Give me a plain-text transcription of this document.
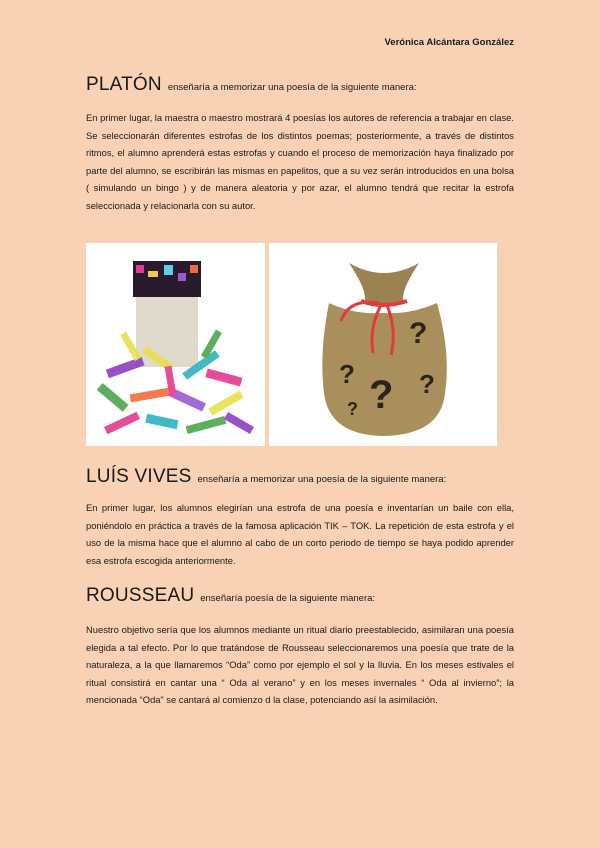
Verónica Alcántara González
PLATÓN enseñaría a memorizar una poesía de la siguiente manera:

En primer lugar, la maestra o maestro mostrará 4 poesías los autores de referencia a trabajar en clase. Se seleccionarán diferentes estrofas de los distintos poemas; posteriormente, a través de distintos ritmos, el alumno aprenderá estas estrofas y cuando el proceso de memorización haya finalizado por parte del alumno, se escribirán las mismas en papelitos, que a su vez serán introducidos en una bolsa ( simulando un bingo ) y de manera aleatoria y por azar, el alumno tendrá que recitar la estrofa seleccionada y relacionarla con su autor.

?
? ? ?
?
LUÍS VIVES enseñaría a memorizar una poesía de la siguiente manera:

En primer lugar, los alumnos elegirían una estrofa de una poesía e inventarían un baile con ella, poniéndolo en práctica a través de la famosa aplicación TIK – TOK. La repetición de esta estrofa y el uso de la misma hace que el alumno al cabo de un corto periodo de tiempo se haya podido aprender esa estrofa escogida anteriormente.

ROUSSEAU enseñaría poesía de la siguiente manera:

Nuestro objetivo sería que los alumnos mediante un ritual diario preestablecido, asimilaran una poesía elegida a tal efecto. Por lo que tratándose de Rousseau seleccionaremos una poesía que trate de la naturaleza, a la que llamaremos “Oda” como por ejemplo el sol y la lluvia. En los meses estivales el ritual consistirá en cantar una “ Oda al verano” y en los meses invernales “ Oda al invierno”; la mencionada “Oda” se cantará al comienzo d la clase, potenciando así la asimilación.
